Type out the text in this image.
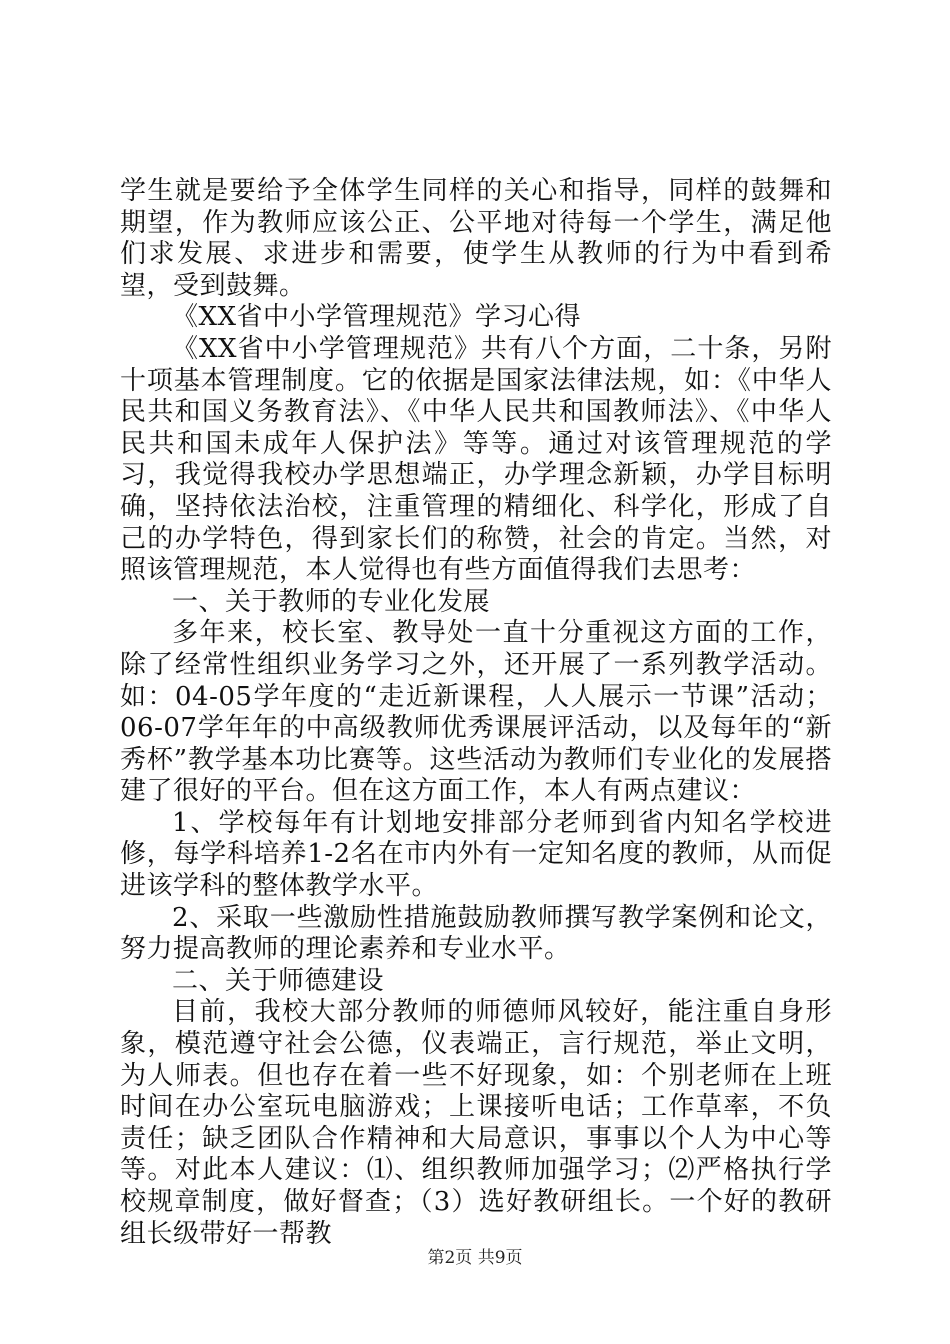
学生就是要给予全体学生同样的关心和指导，同样的鼓舞和期望，作为教师应该公正、公平地对待每一个学生，满足他们求发展、求进步和需要，使学生从教师的行为中看到希望，受到鼓舞。

《XX省中小学管理规范》学习心得

《XX省中小学管理规范》共有八个方面，二十条，另附十项基本管理制度。它的依据是国家法律法规，如：《中华人民共和国义务教育法》、《中华人民共和国教师法》、《中华人民共和国未成年人保护法》等等。通过对该管理规范的学习，我觉得我校办学思想端正，办学理念新颖，办学目标明确，坚持依法治校，注重管理的精细化、科学化，形成了自己的办学特色，得到家长们的称赞，社会的肯定。当然，对照该管理规范，本人觉得也有些方面值得我们去思考：

一、关于教师的专业化发展

多年来，校长室、教导处一直十分重视这方面的工作，除了经常性组织业务学习之外，还开展了一系列教学活动。如：04-05学年度的“走近新课程，人人展示一节课”活动；06-07学年年的中高级教师优秀课展评活动，以及每年的“新秀杯”教学基本功比赛等。这些活动为教师们专业化的发展搭建了很好的平台。但在这方面工作，本人有两点建议：

1、学校每年有计划地安排部分老师到省内知名学校进修，每学科培养1-2名在市内外有一定知名度的教师，从而促进该学科的整体教学水平。

2、采取一些激励性措施鼓励教师撰写教学案例和论文，努力提高教师的理论素养和专业水平。

二、关于师德建设

目前，我校大部分教师的师德师风较好，能注重自身形象，模范遵守社会公德，仪表端正，言行规范，举止文明，为人师表。但也存在着一些不好现象，如：个别老师在上班时间在办公室玩电脑游戏；上课接听电话；工作草率，不负责任；缺乏团队合作精神和大局意识，事事以个人为中心等等。对此本人建议：⑴、组织教师加强学习；⑵严格执行学校规章制度，做好督查；（3）选好教研组长。一个好的教研组长级带好一帮教

第2页 共9页
